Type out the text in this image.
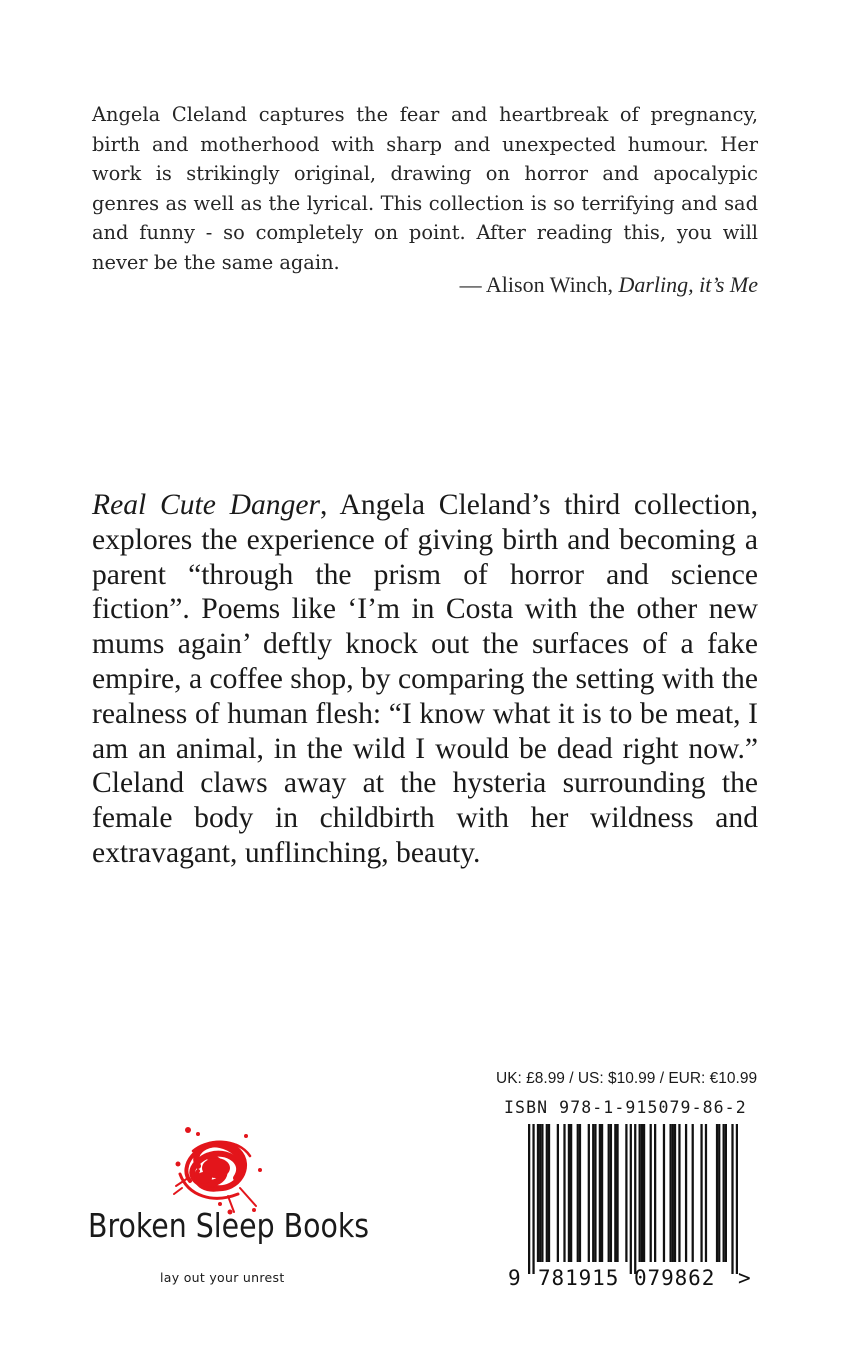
Angela Cleland captures the fear and heartbreak of pregnancy, birth and motherhood with sharp and unexpected humour. Her work is strikingly original, drawing on horror and apocalypic genres as well as the lyrical. This collection is so terrifying and sad and funny - so completely on point. After reading this, you will never be the same again.

— Alison Winch, Darling, it’s Me

Real Cute Danger, Angela Cleland’s third collection, explores the experience of giving birth and becoming a parent “through the prism of horror and science fiction”. Poems like ‘I’m in Costa with the other new mums again’ deftly knock out the surfaces of a fake empire, a coffee shop, by comparing the setting with the realness of human flesh: “I know what it is to be meat, I am an animal, in the wild I would be dead right now.” Cleland claws away at the hysteria surrounding the female body in childbirth with her wildness and extravagant, unflinching, beauty.

Broken Sleep Books
lay out your unrest
UK: £8.99 / US: $10.99 / EUR: €10.99
ISBN 978-1-915079-86-2
9 781915 079862 >
